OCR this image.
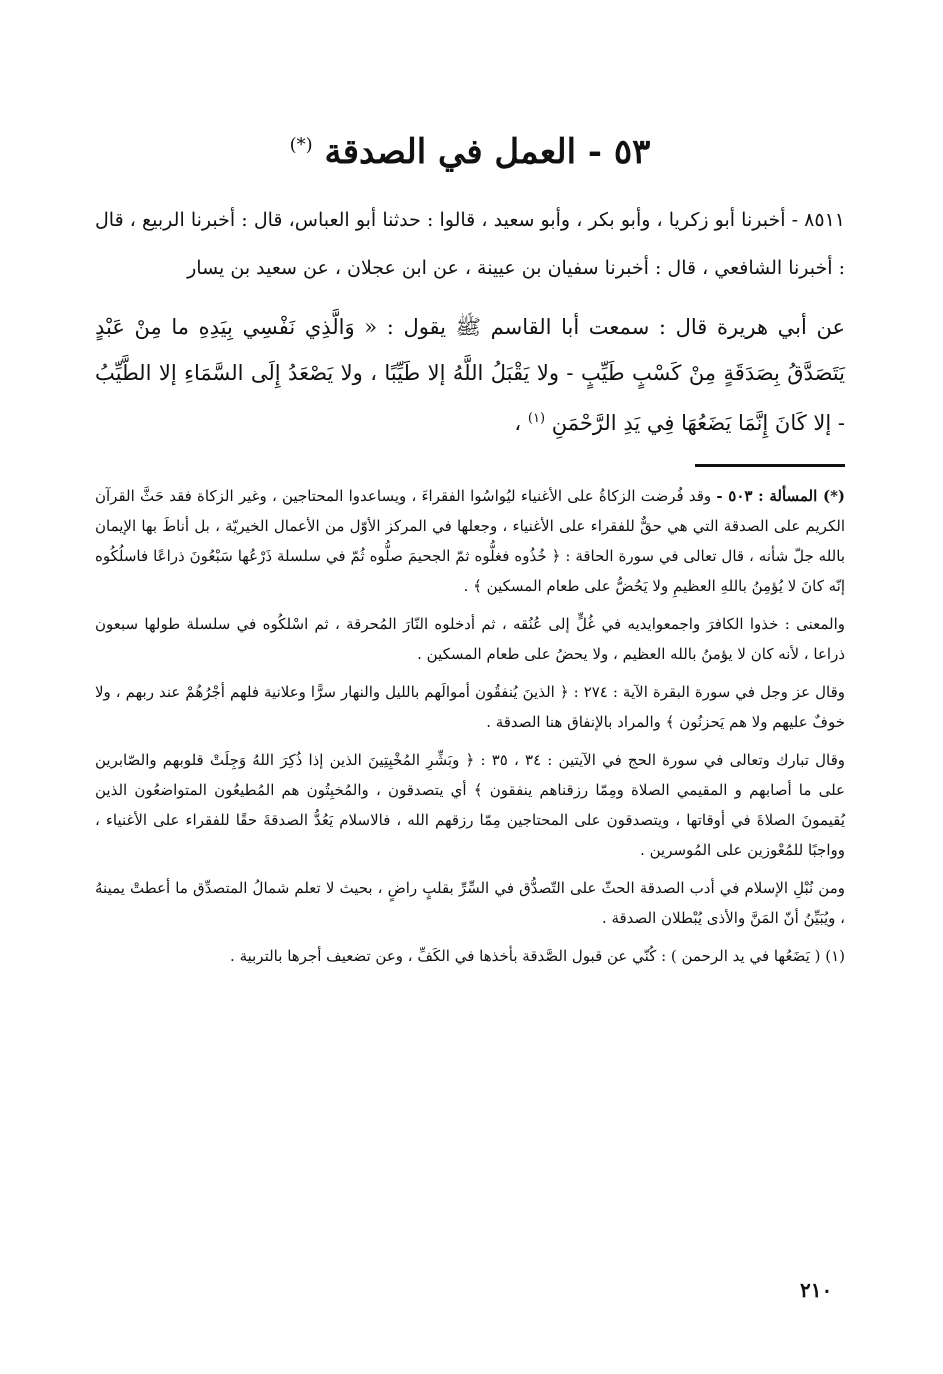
٥٣ - العمل في الصدقة (*)

٨٥١١ - أخبرنا أبو زكريا ، وأبو بكر ، وأبو سعيد ، قالوا : حدثنا أبو العباس، قال : أخبرنا الربيع ، قال : أخبرنا الشافعي ، قال : أخبرنا سفيان بن عيينة ، عن ابن عجلان ، عن سعيد بن يسار

عن أبي هريرة قال : سمعت أبا القاسم ﷺ يقول : « وَالَّذِي نَفْسِي بِيَدِهِ ما مِنْ عَبْدٍ يَتَصَدَّقُ بِصَدَقَةٍ مِنْ كَسْبٍ طَيِّبٍ - ولا يَقْبَلُ اللَّهُ إلا طَيِّبًا ، ولا يَصْعَدُ إِلَى السَّمَاءِ إلا الطَّيِّبُ - إلا كَانَ إِنَّمَا يَضَعُهَا فِي يَدِ الرَّحْمَنِ $^{(١)}$ ،

(*) المسألة : ٥٠٣ - وقد فُرضت الزكاةُ على الأغنياء ليُواسُوا الفقراءَ ، ويساعدوا المحتاجين ، وغير الزكاة فقد حَثَّ القرآن الكريم على الصدقة التي هي حقٌّ للفقراء على الأغنياء ، وجعلها في المركز الأوّل من الأعمال الخيريّة ، بل أناطَ بها الإيمان بالله جلّ شأنه ، قال تعالى في سورة الحاقة : ﴿ خُذُوه فغلُّوه ثمّ الجحيمَ صلُّوه ثُمّ في سلسلة ذَرْعُها سَبْعُونَ ذراعًا فاسلُكُوه إنّه كانَ لا يُؤمِنُ باللهِ العظيمِ ولا يَحُضُّ على طعام المسكين ﴾ .

والمعنى : خذوا الكافرَ واجمعوايديه في غُلٍّ إلى عُنُقه ، ثم أدخلوه النّارَ المُحرقة ، ثم اسْلكُوه في سلسلة طولها سبعون ذراعا ، لأنه كان لا يؤمنُ بالله العظيم ، ولا يحضُ على طعام المسكين .

وقال عز وجل في سورة البقرة الآية : ٢٧٤ : ﴿ الذينَ يُنفقُون أموالَهم بالليل والنهار سرًّا وعلانية فلهم أجْرُهُمْ عند ربهم ، ولا خوفٌ عليهم ولا هم يَحزنُون ﴾ والمراد بالإنفاق هنا الصدقة .

وقال تبارك وتعالى في سورة الحج في الآيتين : ٣٤ ، ٣٥ : ﴿ وبَشِّرِ المُخْبِتِينَ الذين إذا ذُكِرَ اللهُ وَجِلَتْ قلوبهم والصّابرين على ما أصابهم و المقيمي الصلاة ومِمّا رزقناهم ينفقون ﴾ أي يتصدقون ، والمُخبِتُون هم المُطيعُون المتواضعُون الذين يُقيمونَ الصلاةَ في أوقاتها ، ويتصدقون على المحتاجين مِمّا رزقهم الله ، فالاسلام يَعُدُّ الصدقةَ حقًا للفقراء على الأغنياء ، وواجبًا للمُعْوزين على المُوسرين .

ومن نُبْلِ الإسلام في أدب الصدقة الحثّ على التّصدُّق في السِّرِّ بقلبٍ راضٍ ، بحيث لا تعلم شمالُ المتصدِّق ما أعطتْ يمينهُ ، ويُبَيِّنُ أنّ المَنَّ والأذى يُبْطلان الصدقة .

(١) ( يَضَعُها في يد الرحمن ) : كُنّي عن قبول الصَّدقة بأخذها في الكَفِّ ، وعن تضعيف أجرها بالتربية .

٢١٠
